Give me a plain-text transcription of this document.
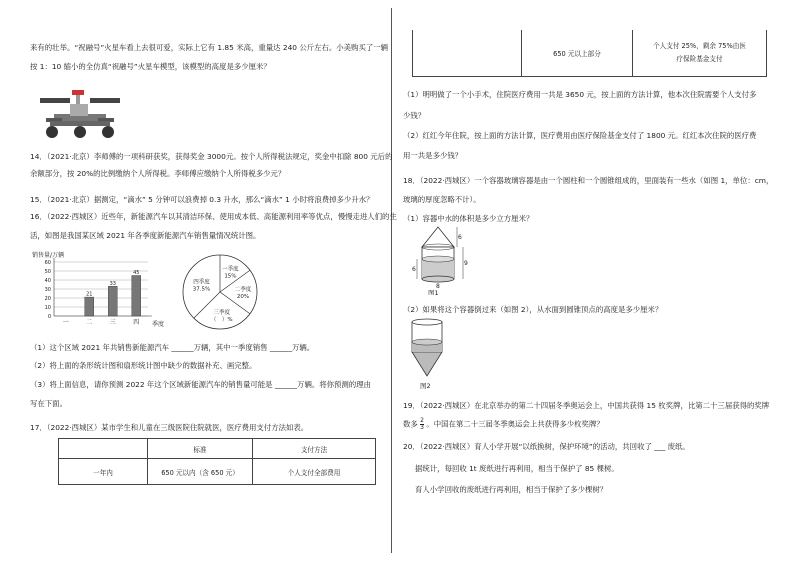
来有的壮举。“祝融号”火星车看上去很可爱，实际上它有 1.85 米高，重量达 240 公斤左右。小美购买了一辆
按 1：10 缩小的全仿真“祝融号”火星车模型，该模型的高度是多少厘米？
14．（2021·北京）李师傅的一项科研获奖，获得奖金 3000元。按个人所得税法规定，奖金中扣除 800 元后的
余额部分，按 20%的比例缴纳个人所得税。李师傅应缴纳个人所得税多少元？
15．（2021·北京）据测定，“滴水” 5 分钟可以浪费掉 0.3 升水，那么“滴水” 1 小时将浪费掉多少升水？
16．（2022·西城区）近些年，新能源汽车以其清洁环保、使用成本低、高能源利用率等优点，慢慢走进人们的生
活，如图是我国某区域 2021 年各季度新能源汽车销售量情况统计图。
销售量/万辆
季度
0
10
20
30
40
50
60
一	二
21
三
33
四
45
一季度
15%
二季度
20%
三季度
（　）%
四季度
37.5%
（1）这个区域 2021 年共销售新能源汽车 ______万辆，其中一季度销售 ______万辆。
（2）将上面的条形统计图和扇形统计图中缺少的数据补充、画完整。
（3）将上面信息，请你预测 2022 年这个区域新能源汽车的销售量可能是 ______万辆。将你预测的理由
写在下面。
17．（2022·西城区）某市学生和儿童在三级医院住院就医，医疗费用支付方法如表。
	标准	支付方法
一年内	650 元以内（含 650 元）	个人支付全部费用
	650 元以上部分	个人支付 25%，剩余 75%由医
疗保险基金支付
（1）明明做了一个小手术，住院医疗费用一共是 3650 元，按上面的方法计算，他本次住院需要个人支付多
少钱？
（2）红红今年住院，按上面的方法计算，医疗费用由医疗保险基金支付了 1800 元。红红本次住院的医疗费
用一共是多少钱？
18．（2022·西城区）一个容器玻璃容器是由一个圆柱和一个圆锥组成的，里面装有一些水（如图 1，单位：cm，
玻璃的厚度忽略不计）。
（1）容器中水的体积是多少立方厘米？
6
9
6
8
图1
（2）如果将这个容器倒过来（如图 2），从水面到圆锥顶点的高度是多少厘米？
图2
19．（2022·西城区）在北京举办的第二十四届冬季奥运会上，中国共获得 15 枚奖牌，比第二十三届获得的奖牌
数多 $\frac{2}{3}$ 。中国在第二十三届冬季奥运会上共获得多少枚奖牌？
20．（2022·西城区）育人小学开展“以纸换树，保护环境”的活动，共回收了 ___ 废纸。
据统计，每回收 1t 废纸进行再利用，相当于保护了 85 棵树。
育人小学回收的废纸进行再利用，相当于保护了多少棵树？
